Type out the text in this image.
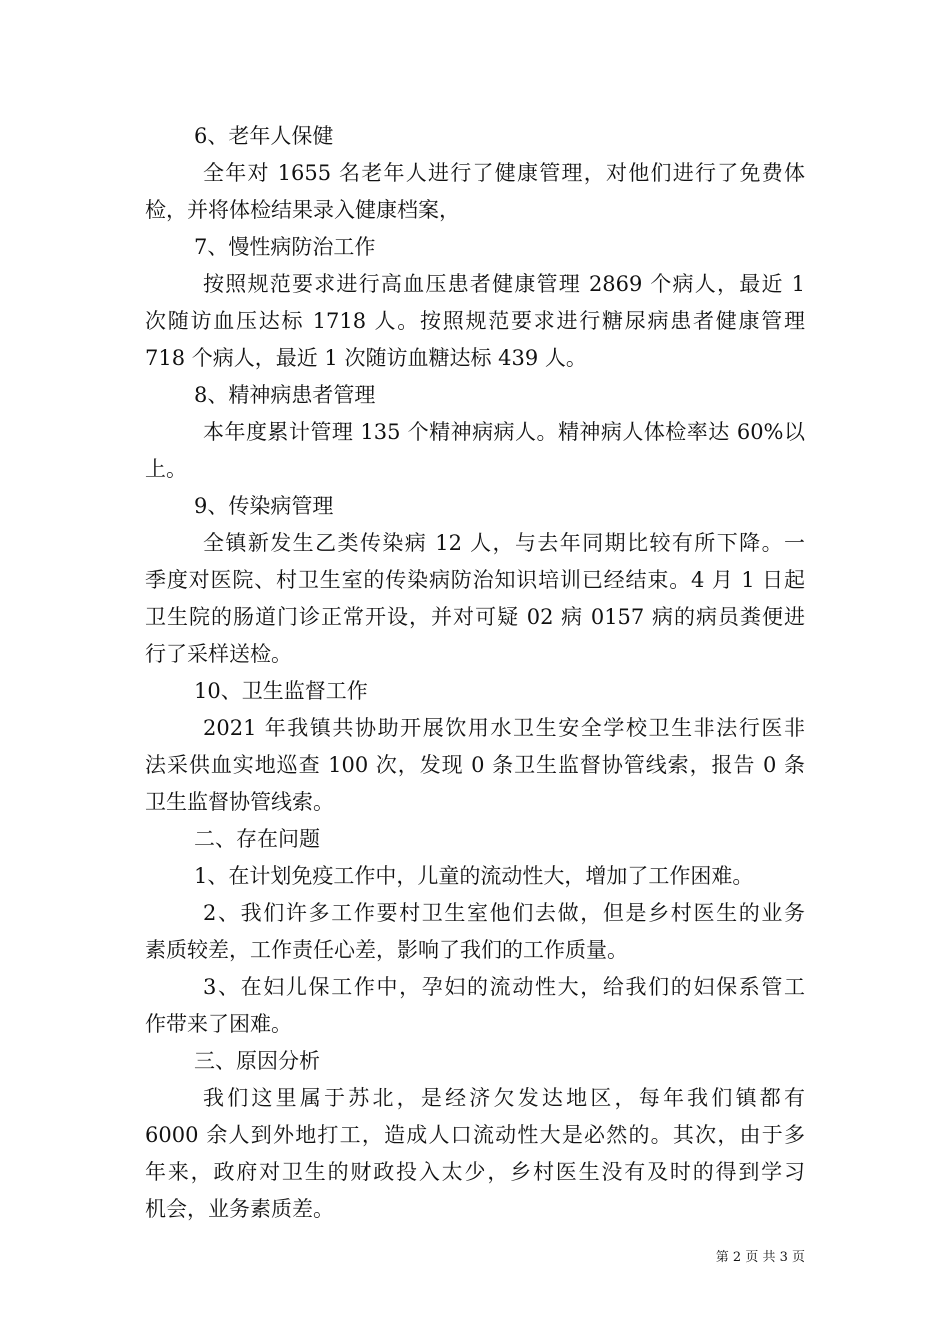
6、老年人保健
全年对 1655 名老年人进行了健康管理，对他们进行了免费体
检，并将体检结果录入健康档案，
7、慢性病防治工作
按照规范要求进行高血压患者健康管理 2869 个病人，最近 1
次随访血压达标 1718 人。按照规范要求进行糖尿病患者健康管理
718 个病人，最近 1 次随访血糖达标 439 人。
8、精神病患者管理
本年度累计管理 135 个精神病病人。精神病人体检率达 60%以
上。
9、传染病管理
全镇新发生乙类传染病 12 人，与去年同期比较有所下降。一
季度对医院、村卫生室的传染病防治知识培训已经结束。4 月 1 日起
卫生院的肠道门诊正常开设，并对可疑 02 病 0157 病的病员粪便进
行了采样送检。
10、卫生监督工作
2021 年我镇共协助开展饮用水卫生安全学校卫生非法行医非
法采供血实地巡查 100 次，发现 0 条卫生监督协管线索，报告 0 条
卫生监督协管线索。
二、存在问题
1、在计划免疫工作中，儿童的流动性大，增加了工作困难。
2、我们许多工作要村卫生室他们去做，但是乡村医生的业务
素质较差，工作责任心差，影响了我们的工作质量。
3、在妇儿保工作中，孕妇的流动性大，给我们的妇保系管工
作带来了困难。
三、原因分析
我们这里属于苏北，是经济欠发达地区，每年我们镇都有
6000 余人到外地打工，造成人口流动性大是必然的。其次，由于多
年来，政府对卫生的财政投入太少，乡村医生没有及时的得到学习
机会，业务素质差。
第 2 页 共 3 页
